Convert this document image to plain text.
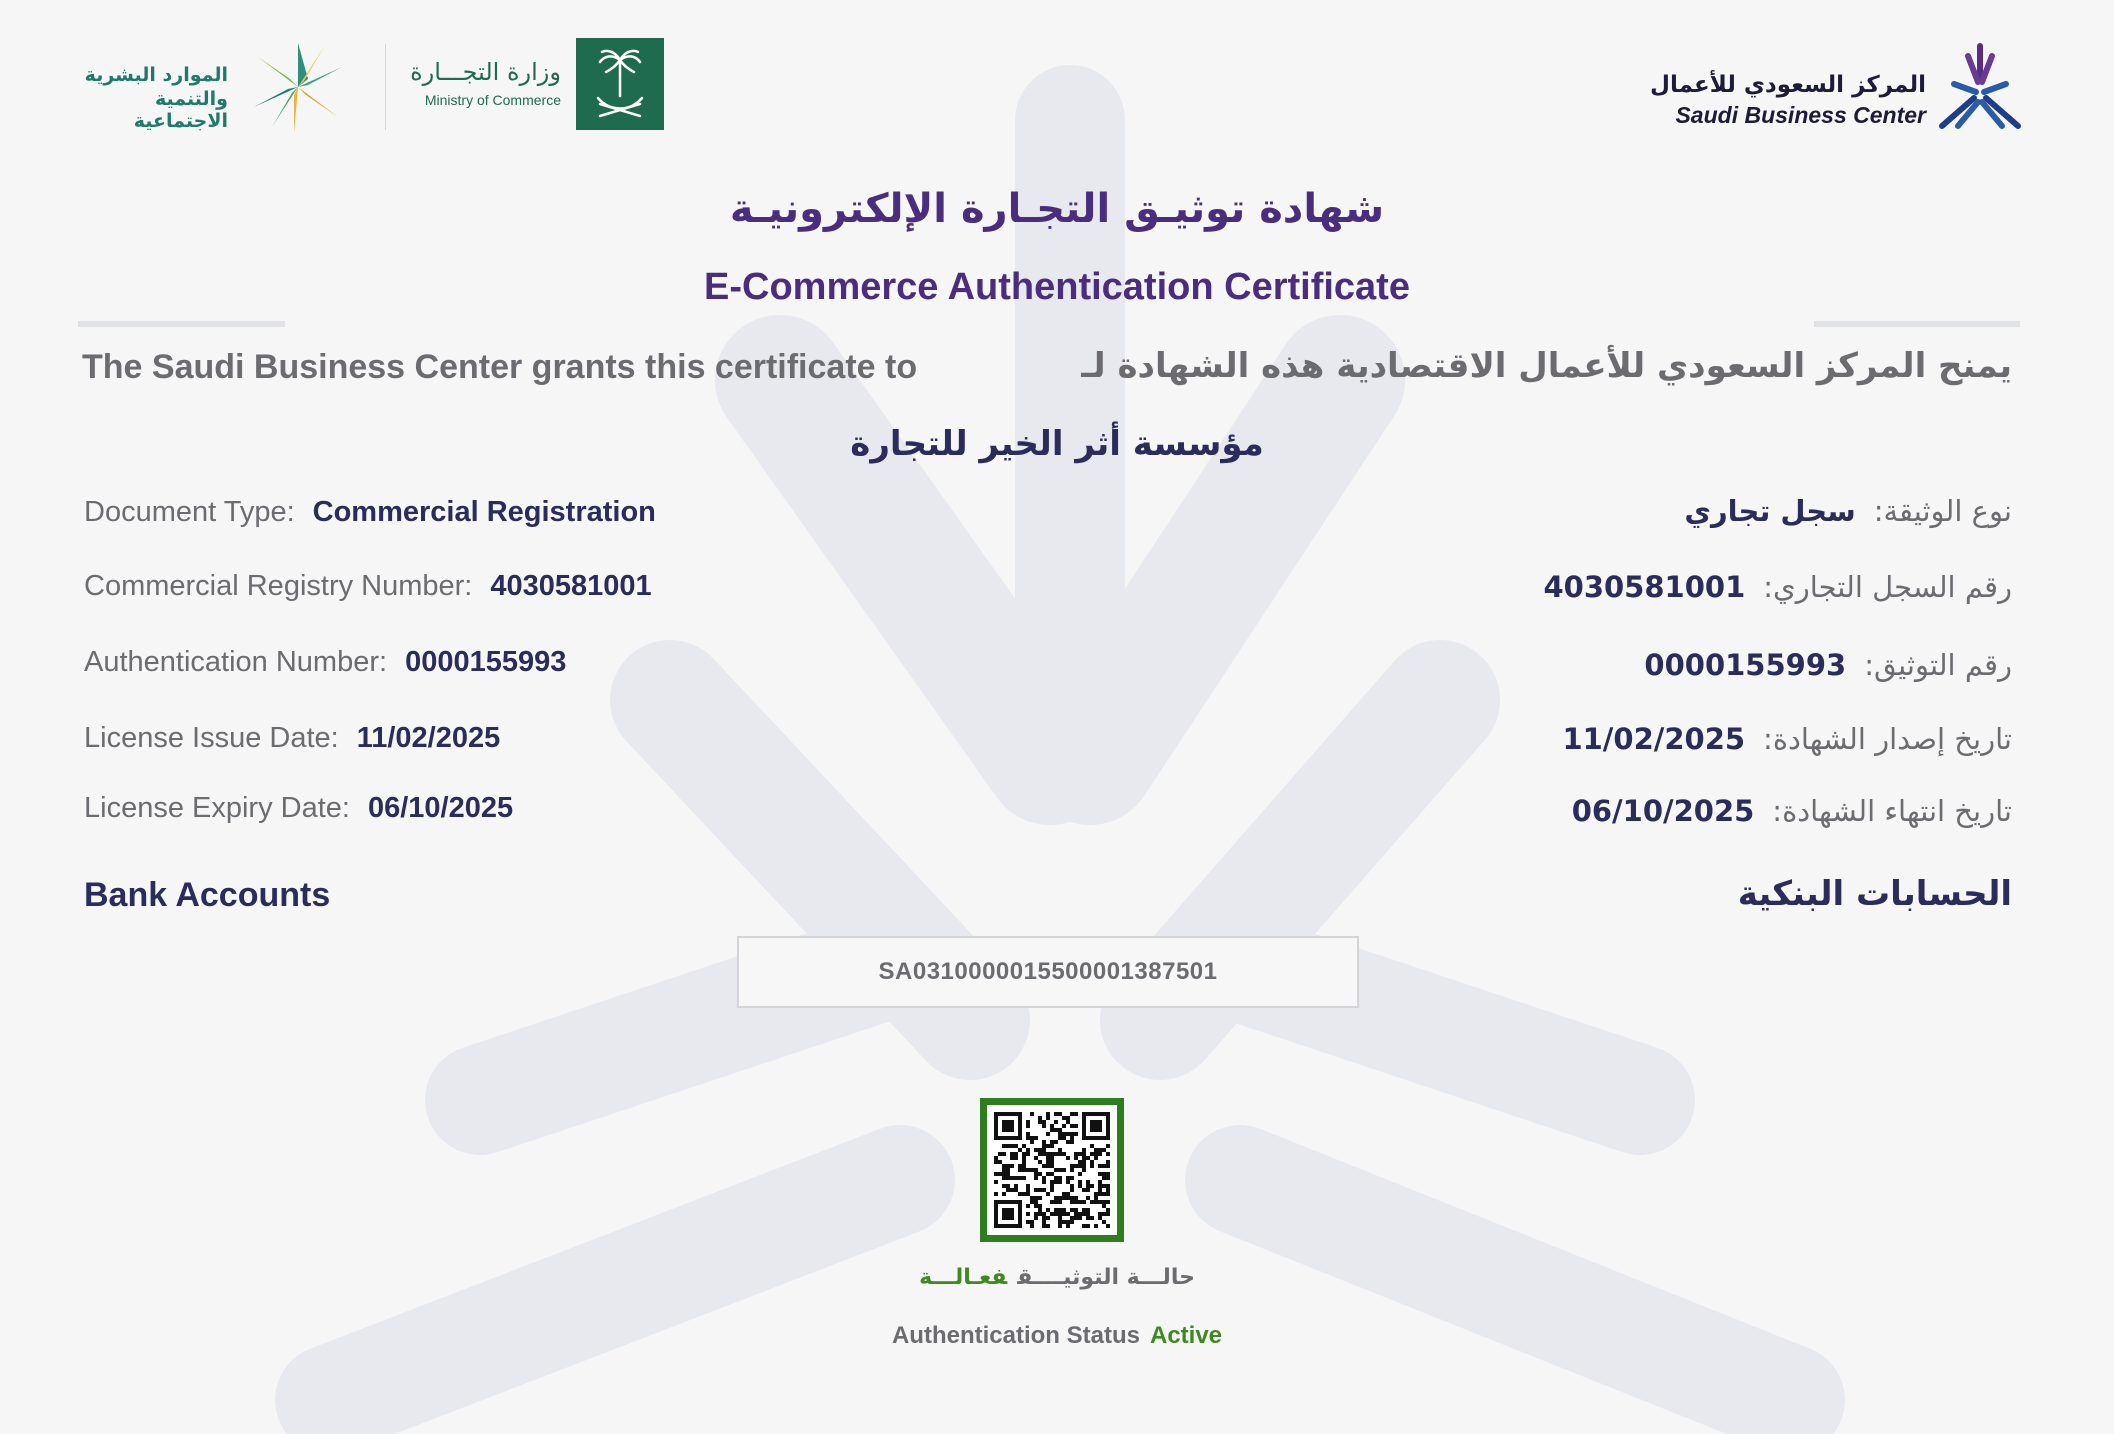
الموارد البشرية
والتنمية الاجتماعية
وزارة التجـــارة
Ministry of Commerce
المركز السعودي للأعمال
Saudi Business Center
شهادة توثيـق التجـارة الإلكترونيـة
E-Commerce Authentication Certificate
The Saudi Business Center grants this certificate to	يمنح المركز السعودي للأعمال الاقتصادية هذه الشهادة لـ
مؤسسة أثر الخير للتجارة
Document Type: Commercial Registration	نوع الوثيقة:سجل تجاري
Commercial Registry Number: 4030581001	رقم السجل التجاري:4030581001
Authentication Number: 0000155993	رقم التوثيق:0000155993
License Issue Date: 11/02/2025	تاريخ إصدار الشهادة:11/02/2025
License Expiry Date: 06/10/2025	تاريخ انتهاء الشهادة:06/10/2025
Bank Accounts	الحسابات البنكية
SA0310000015500001387501
حالـــة التوثيــــقفعـالـــة
Authentication Status Active
